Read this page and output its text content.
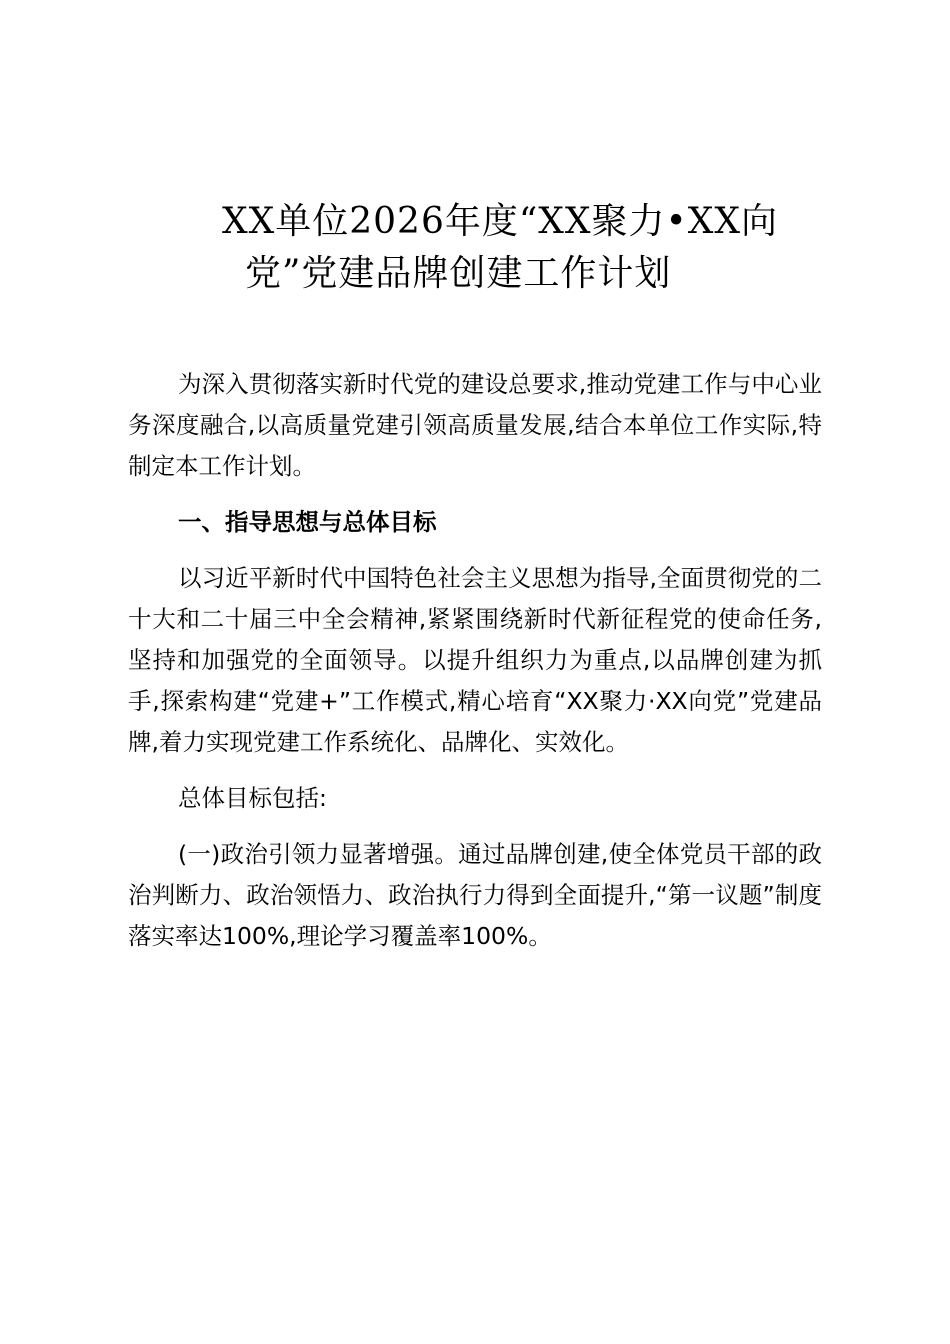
XX单位2026年度“XX聚力•XX向
党”党建品牌创建工作计划

为深入贯彻落实新时代党的建设总要求,推动党建工作与中心业务深度融合,以高质量党建引领高质量发展,结合本单位工作实际,特制定本工作计划。

一、指导思想与总体目标

以习近平新时代中国特色社会主义思想为指导,全面贯彻党的二十大和二十届三中全会精神,紧紧围绕新时代新征程党的使命任务,坚持和加强党的全面领导。以提升组织力为重点,以品牌创建为抓手,探索构建“党建+”工作模式,精心培育“XX聚力·XX向党”党建品牌,着力实现党建工作系统化、品牌化、实效化。

总体目标包括:

(一)政治引领力显著增强。通过品牌创建,使全体党员干部的政治判断力、政治领悟力、政治执行力得到全面提升,“第一议题”制度落实率达100%,理论学习覆盖率100%。
